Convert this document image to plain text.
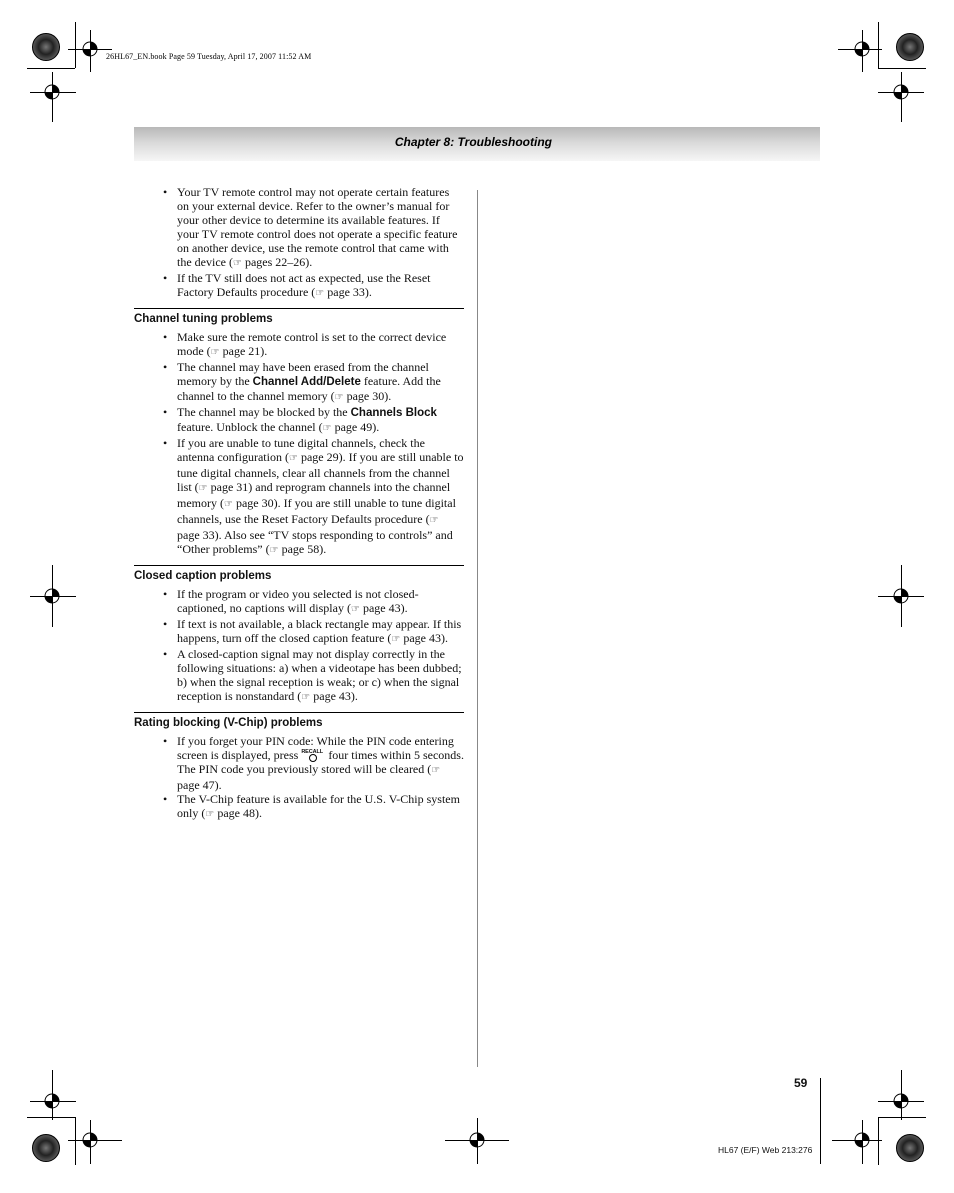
26HL67_EN.book Page 59 Tuesday, April 17, 2007 11:52 AM
Chapter 8: Troubleshooting
• Your TV remote control may not operate certain features on your external device. Refer to the owner’s manual for your other device to determine its available features. If your TV remote control does not operate a specific feature on another device, use the remote control that came with the device (☞ pages 22–26).
• If the TV still does not act as expected, use the Reset Factory Defaults procedure (☞ page 33).
Channel tuning problems
• Make sure the remote control is set to the correct device mode (☞ page 21).
• The channel may have been erased from the channel memory by the Channel Add/Delete feature. Add the channel to the channel memory (☞ page 30).
• The channel may be blocked by the Channels Block feature. Unblock the channel (☞ page 49).
• If you are unable to tune digital channels, check the antenna configuration (☞ page 29). If you are still unable to tune digital channels, clear all channels from the channel list (☞ page 31) and reprogram channels into the channel memory (☞ page 30). If you are still unable to tune digital channels, use the Reset Factory Defaults procedure (☞ page 33). Also see “TV stops responding to controls” and “Other problems” (☞ page 58).
Closed caption problems
• If the program or video you selected is not closed-captioned, no captions will display (☞ page 43).
• If text is not available, a black rectangle may appear. If this happens, turn off the closed caption feature (☞ page 43).
• A closed-caption signal may not display correctly in the following situations: a) when a videotape has been dubbed; b) when the signal reception is weak; or c) when the signal reception is nonstandard (☞ page 43).
Rating blocking (V-Chip) problems
• If you forget your PIN code: While the PIN code entering screen is displayed, press RECALL four times within 5 seconds. The PIN code you previously stored will be cleared (☞ page 47).
• The V-Chip feature is available for the U.S. V-Chip system only (☞ page 48).
59
HL67 (E/F) Web 213:276
